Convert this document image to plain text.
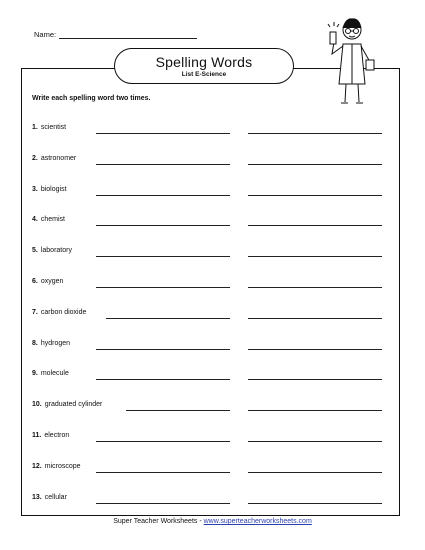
Name:
Spelling Words
List E-Science
Write each spelling word two times.
1. scientist
2. astronomer
3. biologist
4. chemist
5. laboratory
6. oxygen
7. carbon dioxide
8. hydrogen
9. molecule
10. graduated cylinder
11. electron
12. microscope
13. cellular
Super Teacher Worksheets - www.superteacherworksheets.com
